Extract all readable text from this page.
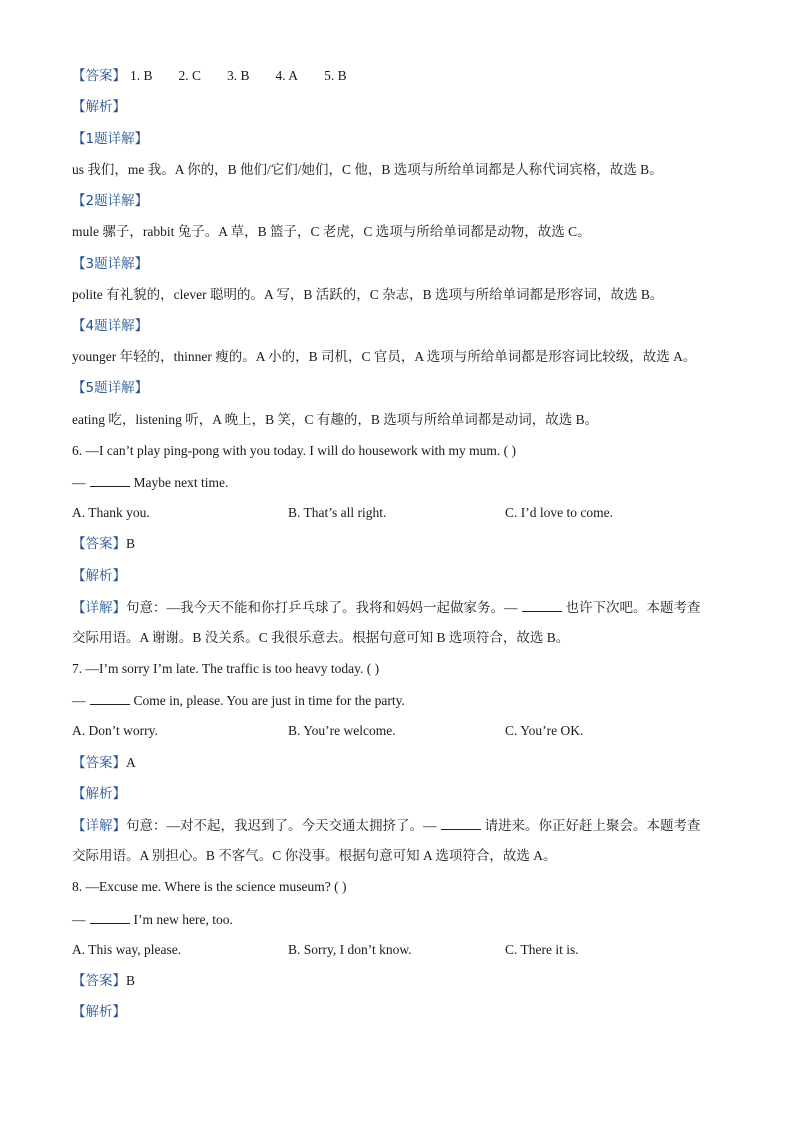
【答案】 1. B 2. C 3. B 4. A 5. B
【解析】
【1题详解】
us 我们，me 我。A 你的，B 他们/它们/她们，C 他，B 选项与所给单词都是人称代词宾格，故选 B。
【2题详解】
mule 骡子，rabbit 兔子。A 草，B 篮子，C 老虎，C 选项与所给单词都是动物，故选 C。
【3题详解】
polite 有礼貌的，clever 聪明的。A 写，B 活跃的，C 杂志，B 选项与所给单词都是形容词，故选 B。
【4题详解】
younger 年轻的，thinner 瘦的。A 小的，B 司机，C 官员，A 选项与所给单词都是形容词比较级，故选 A。
【5题详解】
eating 吃，listening 听，A 晚上，B 笑，C 有趣的，B 选项与所给单词都是动词，故选 B。
6. —I can’t play ping-pong with you today. I will do housework with my mum. ( )
—	Maybe next time.
A. Thank you.	B. That’s all right.	C. I’d love to come.
【答案】B
【解析】
【详解】句意：—我今天不能和你打乒乓球了。我将和妈妈一起做家务。—	也许下次吧。本题考查
交际用语。A 谢谢。B 没关系。C 我很乐意去。根据句意可知 B 选项符合，故选 B。
7. —I’m sorry I’m late. The traffic is too heavy today. ( )
—	Come in, please. You are just in time for the party.
A. Don’t worry.	B. You’re welcome.	C. You’re OK.
【答案】A
【解析】
【详解】句意：—对不起，我迟到了。今天交通太拥挤了。—	请进来。你正好赶上聚会。本题考查
交际用语。A 别担心。B 不客气。C 你没事。根据句意可知 A 选项符合，故选 A。
8. —Excuse me. Where is the science museum? ( )
—	I’m new here, too.
A. This way, please.	B. Sorry, I don’t know.	C. There it is.
【答案】B
【解析】
